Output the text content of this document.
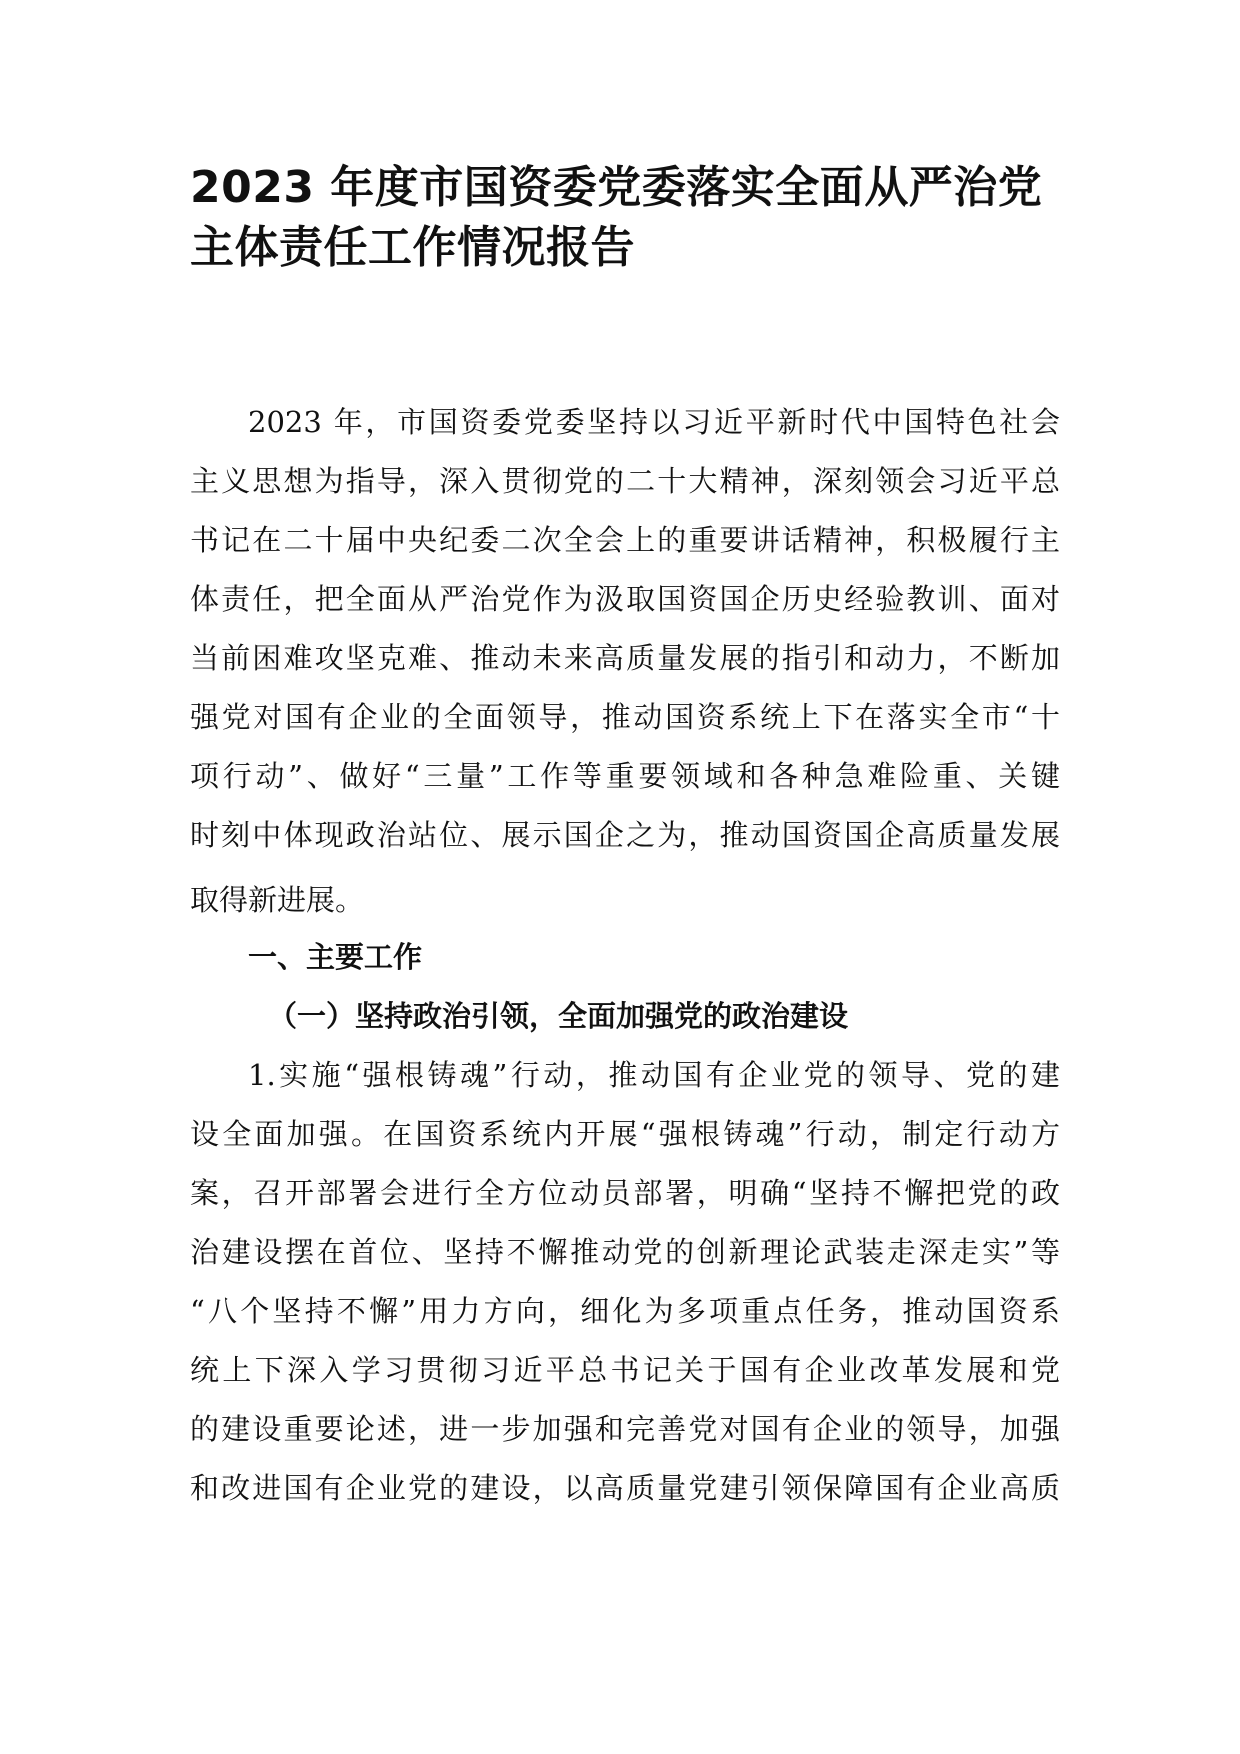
2023 年度市国资委党委落实全面从严治党
主体责任工作情况报告
2023 年，市国资委党委坚持以习近平新时代中国特色社会
主义思想为指导，深入贯彻党的二十大精神，深刻领会习近平总
书记在二十届中央纪委二次全会上的重要讲话精神，积极履行主
体责任，把全面从严治党作为汲取国资国企历史经验教训、面对
当前困难攻坚克难、推动未来高质量发展的指引和动力，不断加
强党对国有企业的全面领导，推动国资系统上下在落实全市“十
项行动”、做好“三量”工作等重要领域和各种急难险重、关键
时刻中体现政治站位、展示国企之为，推动国资国企高质量发展
取得新进展。
一、主要工作
（一）坚持政治引领，全面加强党的政治建设
1.实施“强根铸魂”行动，推动国有企业党的领导、党的建
设全面加强。在国资系统内开展“强根铸魂”行动，制定行动方
案，召开部署会进行全方位动员部署，明确“坚持不懈把党的政
治建设摆在首位、坚持不懈推动党的创新理论武装走深走实”等
“八个坚持不懈”用力方向，细化为多项重点任务，推动国资系
统上下深入学习贯彻习近平总书记关于国有企业改革发展和党
的建设重要论述，进一步加强和完善党对国有企业的领导，加强
和改进国有企业党的建设，以高质量党建引领保障国有企业高质
